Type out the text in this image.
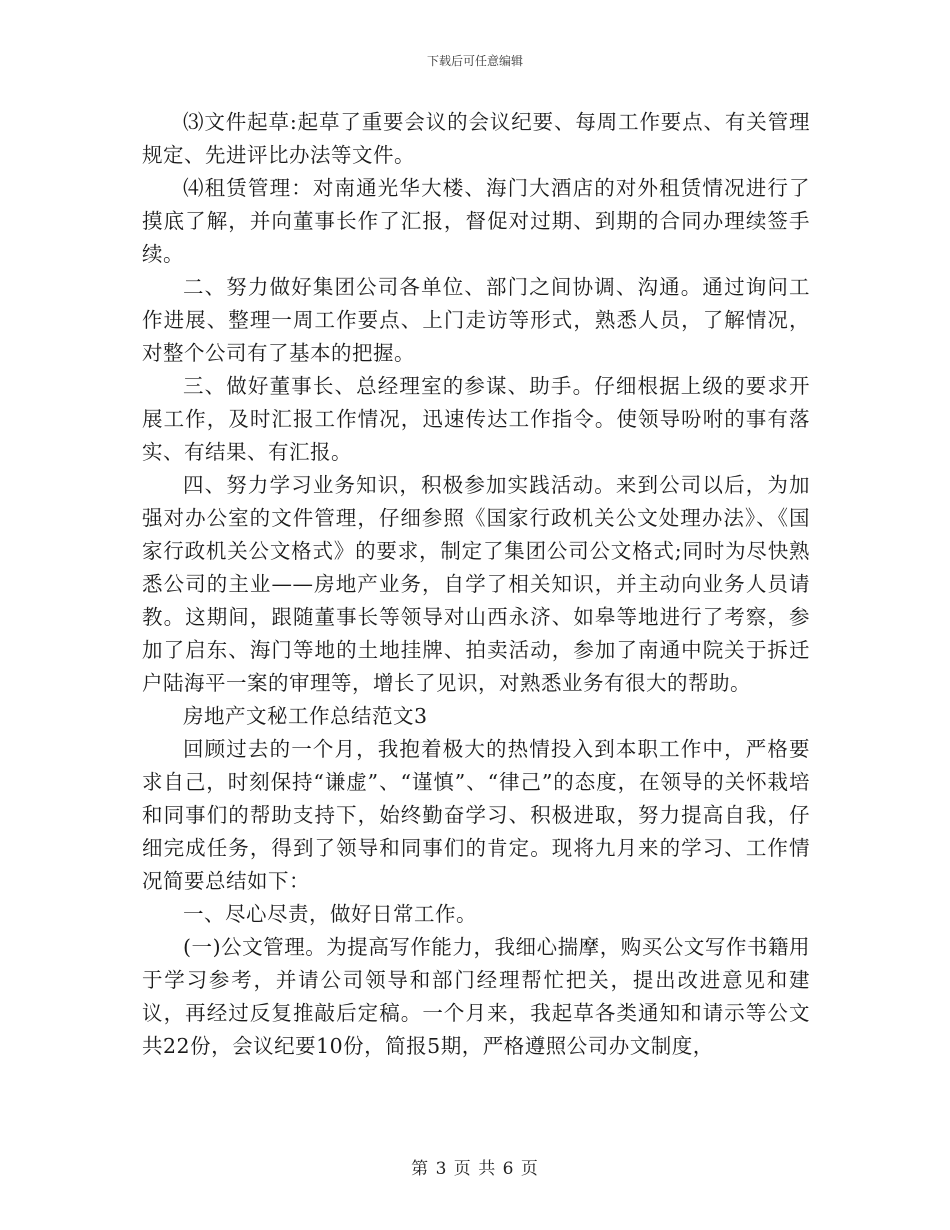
下载后可任意编辑

⑶文件起草:起草了重要会议的会议纪要、每周工作要点、有关管理规定、先进评比办法等文件。

⑷租赁管理：对南通光华大楼、海门大酒店的对外租赁情况进行了摸底了解，并向董事长作了汇报，督促对过期、到期的合同办理续签手续。

二、努力做好集团公司各单位、部门之间协调、沟通。通过询问工作进展、整理一周工作要点、上门走访等形式，熟悉人员，了解情况，对整个公司有了基本的把握。

三、做好董事长、总经理室的参谋、助手。仔细根据上级的要求开展工作，及时汇报工作情况，迅速传达工作指令。使领导吩咐的事有落实、有结果、有汇报。

四、努力学习业务知识，积极参加实践活动。来到公司以后，为加强对办公室的文件管理，仔细参照《国家行政机关公文处理办法》、《国家行政机关公文格式》的要求，制定了集团公司公文格式;同时为尽快熟悉公司的主业——房地产业务，自学了相关知识，并主动向业务人员请教。这期间，跟随董事长等领导对山西永济、如皋等地进行了考察，参加了启东、海门等地的土地挂牌、拍卖活动，参加了南通中院关于拆迁户陆海平一案的审理等，增长了见识，对熟悉业务有很大的帮助。

房地产文秘工作总结范文3

回顾过去的一个月，我抱着极大的热情投入到本职工作中，严格要求自己，时刻保持“谦虚”、“谨慎”、“律己”的态度，在领导的关怀栽培和同事们的帮助支持下，始终勤奋学习、积极进取，努力提高自我，仔细完成任务，得到了领导和同事们的肯定。现将九月来的学习、工作情况简要总结如下：

一、尽心尽责，做好日常工作。

(一)公文管理。为提高写作能力，我细心揣摩，购买公文写作书籍用于学习参考，并请公司领导和部门经理帮忙把关，提出改进意见和建议，再经过反复推敲后定稿。一个月来，我起草各类通知和请示等公文共22份，会议纪要10份，简报5期，严格遵照公司办文制度，

第 3 页 共 6 页
